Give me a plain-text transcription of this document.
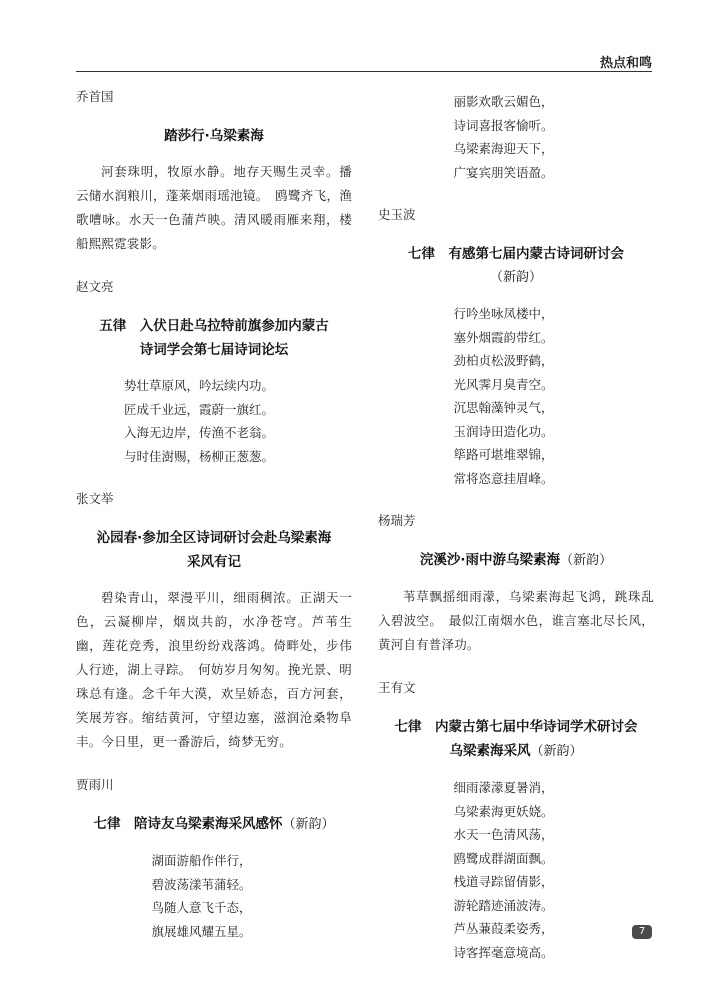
热点和鸣
乔首国
踏莎行·乌梁素海

河套珠明，牧原水静。地存天赐生灵幸。播云储水润粮川，蓬莱烟雨瑶池镜。　鸥鹭齐飞，渔歌嘈咏。水天一色蒲芦映。清风暖雨雁来翔，楼船熙熙霓裳影。

赵文亮
五律　入伏日赴乌拉特前旗参加内蒙古
诗词学会第七届诗词论坛
势壮草原风，吟坛续内功。
匠成千业远，霞蔚一旗红。
入海无边岸，传渔不老翁。
与时佳澍赐，杨柳正葱葱。
张文举
沁园春·参加全区诗词研讨会赴乌梁素海
采风有记

碧染青山，翠漫平川，细雨稠浓。正湖天一色，云凝柳岸，烟岚共韵，水净苍穹。芦苇生幽，莲花竞秀，浪里纷纷戏落鸿。倚畔处，步伟人行迹，湖上寻踪。　何妨岁月匆匆。挽光景、明珠总有逢。念千年大漠，欢呈娇态，百方河套，笑展芳容。缩结黄河，守望边塞，滋润沧桑物阜丰。今日里，更一番游后，绮梦无穷。

贾雨川
七律　陪诗友乌梁素海采风感怀（新韵）
湖面游船作伴行，
碧波荡漾苇蒲轻。
鸟随人意飞千态，
旗展雄风耀五星。
丽影欢歌云媚色，
诗词喜报客愉听。
乌梁素海迎天下，
广宴宾朋笑语盈。
史玉波
七律　有感第七届内蒙古诗词研讨会
（新韵）
行吟坐咏凤楼中，
塞外烟霞韵带红。
劲柏贞松汲野鹤，
光风霁月臭青空。
沉思翰藻钟灵气，
玉润诗田造化功。
筚路可堪堆翠锦，
常将恣意挂眉峰。
杨瑞芳
浣溪沙·雨中游乌梁素海（新韵）

苇草飘摇细雨濛，乌梁素海起飞鸿，跳珠乱入碧波空。　最似江南烟水色，谁言塞北尽长风，黄河自有普泽功。

王有文
七律　内蒙古第七届中华诗词学术研讨会
乌梁素海采风（新韵）
细雨濛濛夏暑消，
乌梁素海更妖娆。
水天一色清风荡，
鸥鹭成群湖面飘。
栈道寻踪留倩影，
游轮踏迹涌波涛。
芦丛蒹葭柔姿秀，
诗客挥毫意境高。
7
